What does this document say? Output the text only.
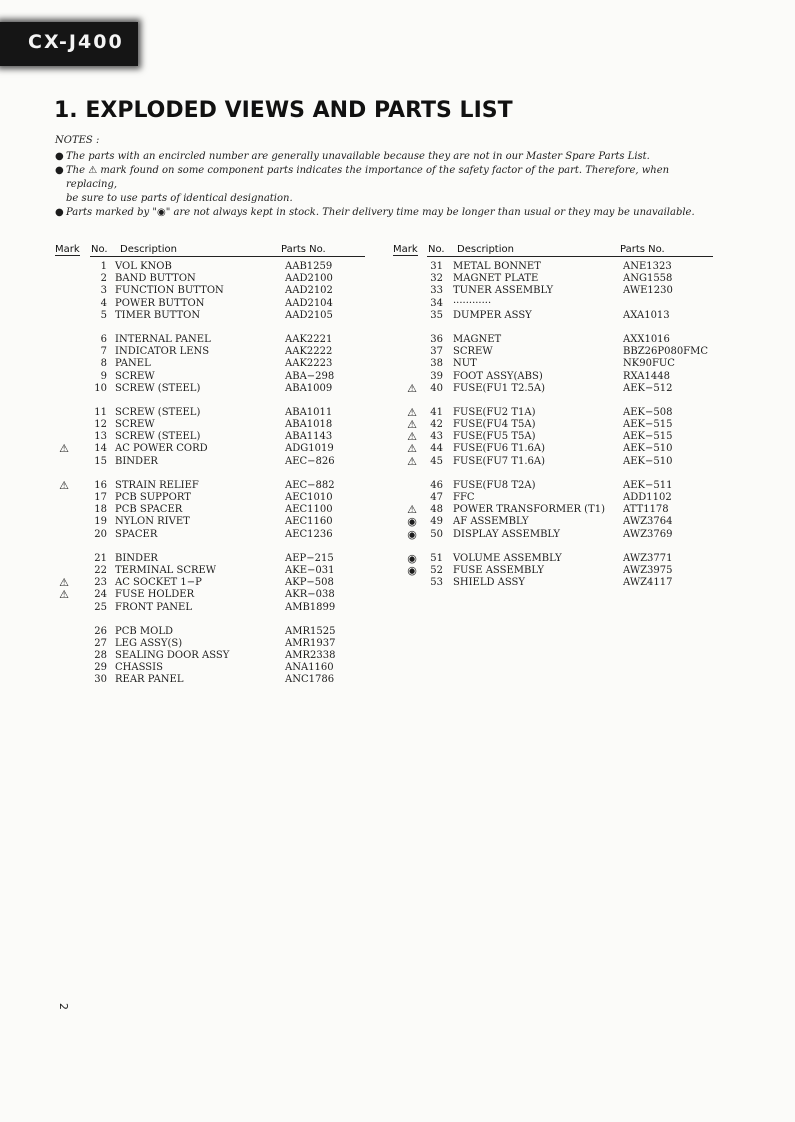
CX-J400
1. EXPLODED VIEWS AND PARTS LIST
NOTES :
● The parts with an encircled number are generally unavailable because they are not in our Master Spare Parts List.
● The ⚠ mark found on some component parts indicates the importance of the safety factor of the part. Therefore, when replacing,
be sure to use parts of identical designation.
● Parts marked by "◉" are not always kept in stock. Their delivery time may be longer than usual or they may be unavailable.
Mark No. Description	Parts No.
1 VOL KNOB	AAB1259
2 BAND BUTTON	AAD2100
3 FUNCTION BUTTON	AAD2102
4 POWER BUTTON	AAD2104
5 TIMER BUTTON	AAD2105
6 INTERNAL PANEL	AAK2221
7 INDICATOR LENS	AAK2222
8 PANEL	AAK2223
9 SCREW	ABA−298
10 SCREW (STEEL)	ABA1009
11 SCREW (STEEL)	ABA1011
12 SCREW	ABA1018
13 SCREW (STEEL)	ABA1143
⚠	14 AC POWER CORD	ADG1019
15 BINDER	AEC−826
⚠	16 STRAIN RELIEF	AEC−882
17 PCB SUPPORT	AEC1010
18 PCB SPACER	AEC1100
19 NYLON RIVET	AEC1160
20 SPACER	AEC1236
21 BINDER	AEP−215
22 TERMINAL SCREW	AKE−031
⚠	23 AC SOCKET 1−P	AKP−508
⚠	24 FUSE HOLDER	AKR−038
25 FRONT PANEL	AMB1899
26 PCB MOLD	AMR1525
27 LEG ASSY(S)	AMR1937
28 SEALING DOOR ASSY	AMR2338
29 CHASSIS	ANA1160
30 REAR PANEL	ANC1786
Mark No. Description	Parts No.
31 METAL BONNET	ANE1323
32 MAGNET PLATE	ANG1558
33 TUNER ASSEMBLY	AWE1230
34 ············
35 DUMPER ASSY	AXA1013
36 MAGNET	AXX1016
37 SCREW	BBZ26P080FMC
38 NUT	NK90FUC
39 FOOT ASSY(ABS)	RXA1448
⚠	40 FUSE(FU1 T2.5A)	AEK−512
⚠	41 FUSE(FU2 T1A)	AEK−508
⚠	42 FUSE(FU4 T5A)	AEK−515
⚠	43 FUSE(FU5 T5A)	AEK−515
⚠	44 FUSE(FU6 T1.6A)	AEK−510
⚠	45 FUSE(FU7 T1.6A)	AEK−510
46 FUSE(FU8 T2A)	AEK−511
47 FFC	ADD1102
⚠	48 POWER TRANSFORMER (T1) ATT1178
◉	49 AF ASSEMBLY	AWZ3764
◉	50 DISPLAY ASSEMBLY	AWZ3769
◉	51 VOLUME ASSEMBLY	AWZ3771
◉	52 FUSE ASSEMBLY	AWZ3975
53 SHIELD ASSY	AWZ4117
2
